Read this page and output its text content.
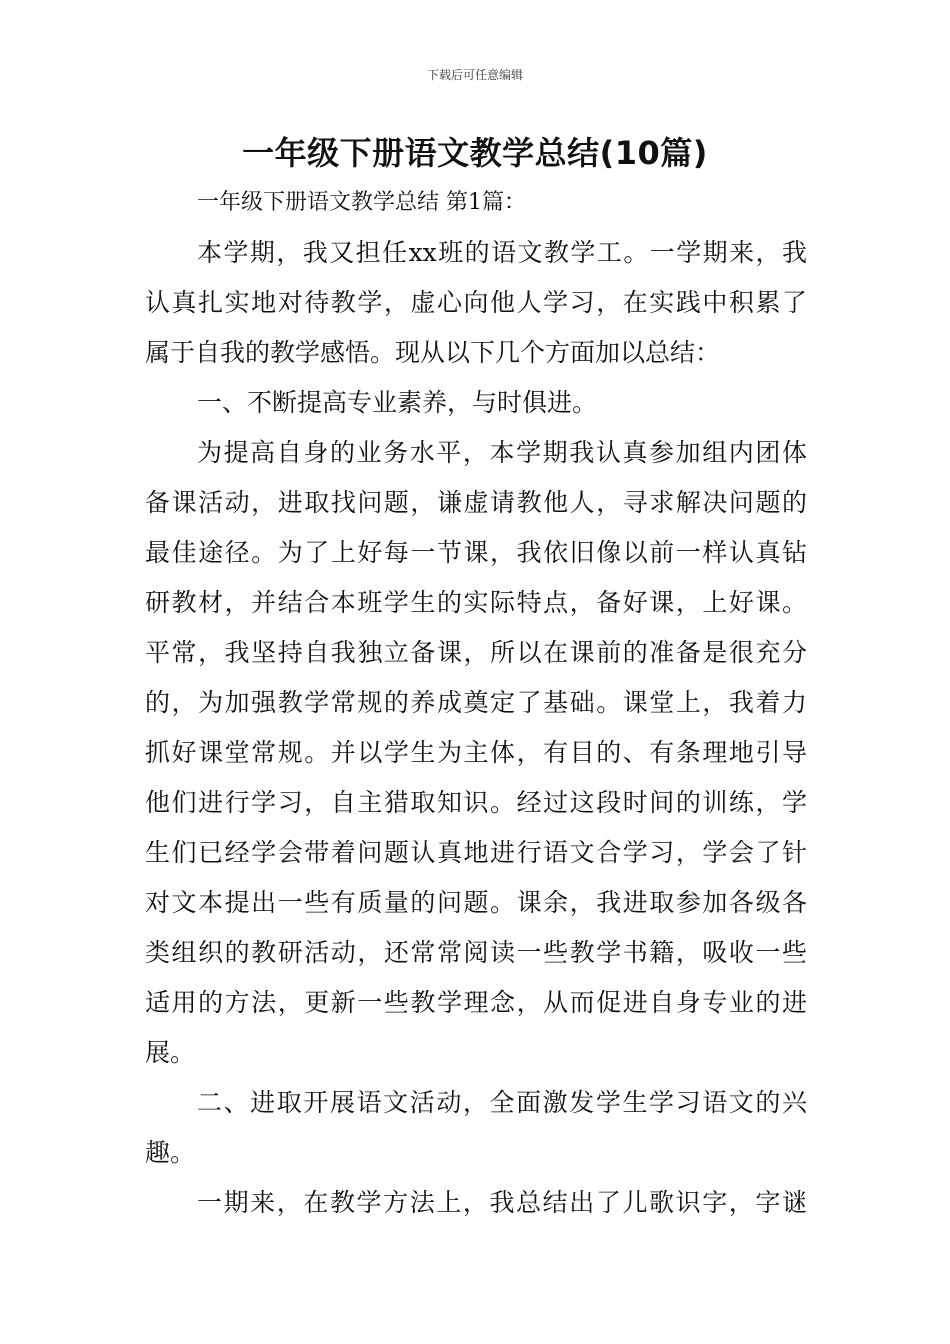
下载后可任意编辑
一年级下册语文教学总结(10篇)
一年级下册语文教学总结 第1篇：
本学期，我又担任xx班的语文教学工。一学期来，我
认真扎实地对待教学，虚心向他人学习，在实践中积累了
属于自我的教学感悟。现从以下几个方面加以总结：
一、不断提高专业素养，与时俱进。
为提高自身的业务水平，本学期我认真参加组内团体
备课活动，进取找问题，谦虚请教他人，寻求解决问题的
最佳途径。为了上好每一节课，我依旧像以前一样认真钻
研教材，并结合本班学生的实际特点，备好课，上好课。
平常，我坚持自我独立备课，所以在课前的准备是很充分
的，为加强教学常规的养成奠定了基础。课堂上，我着力
抓好课堂常规。并以学生为主体，有目的、有条理地引导
他们进行学习，自主猎取知识。经过这段时间的训练，学
生们已经学会带着问题认真地进行语文合学习，学会了针
对文本提出一些有质量的问题。课余，我进取参加各级各
类组织的教研活动，还常常阅读一些教学书籍，吸收一些
适用的方法，更新一些教学理念，从而促进自身专业的进
展。
二、进取开展语文活动，全面激发学生学习语文的兴
趣。
一期来，在教学方法上，我总结出了儿歌识字，字谜
